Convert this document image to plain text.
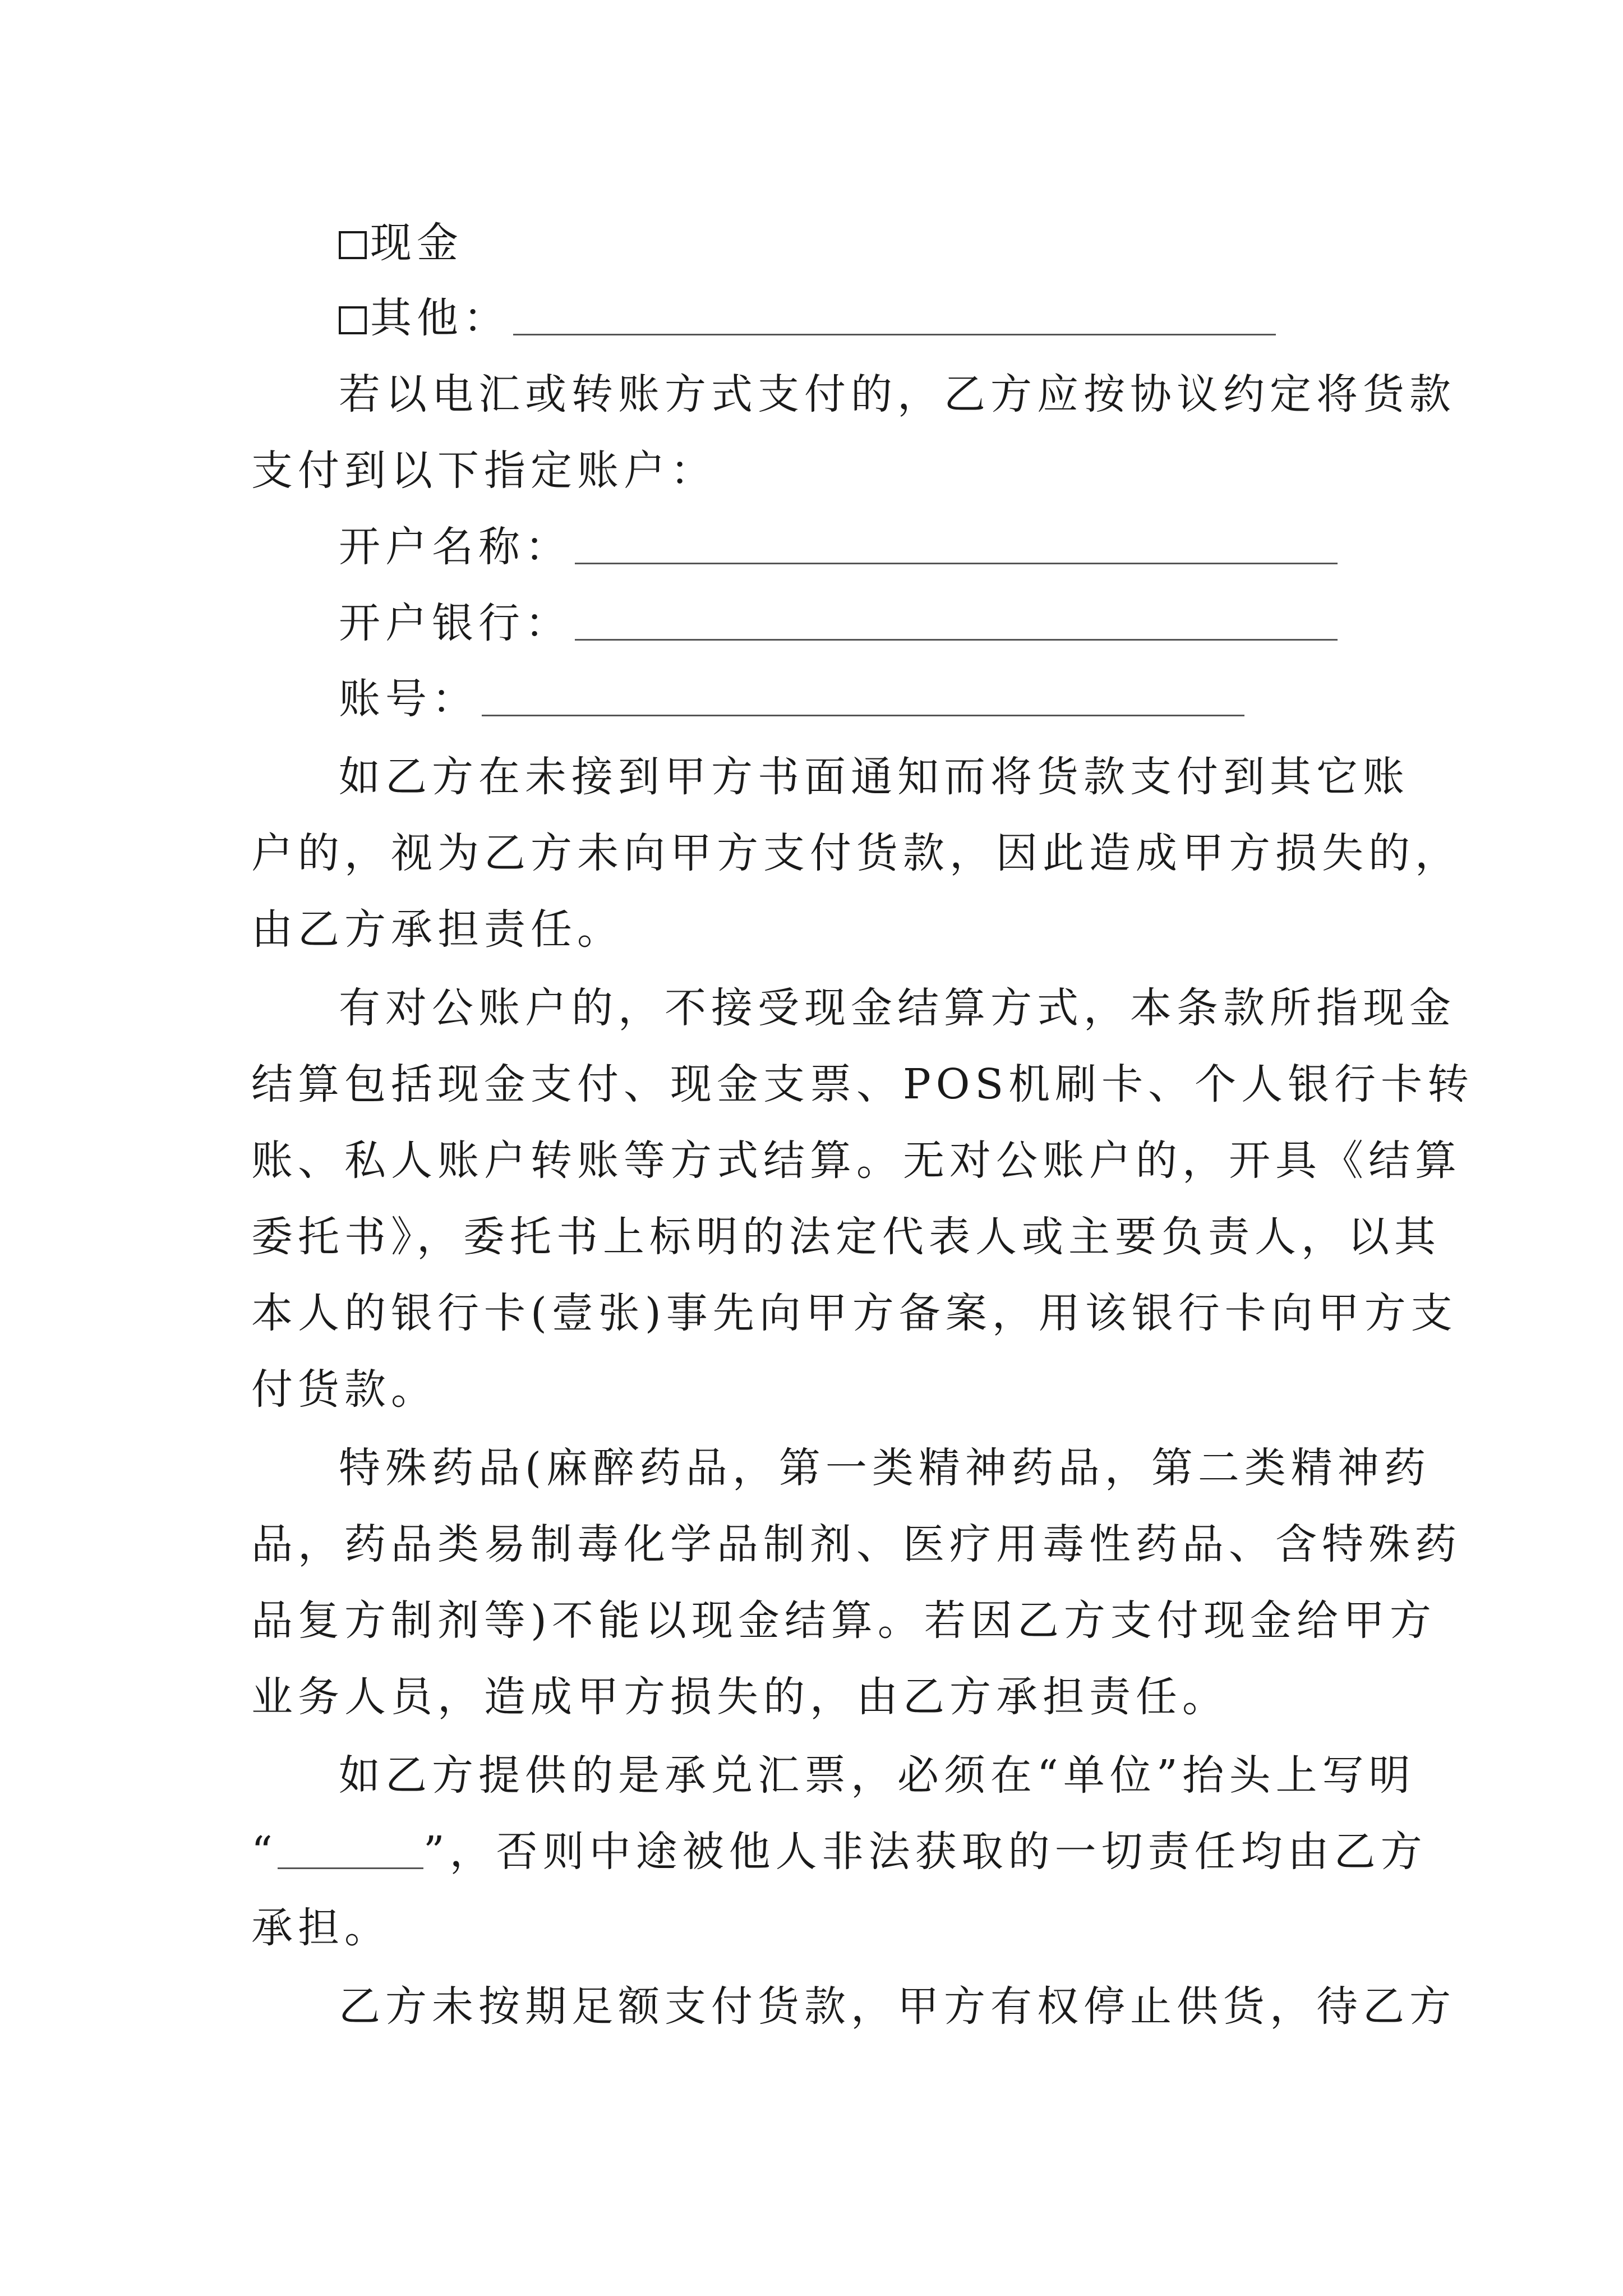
现金
其他：
若以电汇或转账方式支付的，乙方应按协议约定将货款
支付到以下指定账户：
开户名称：
开户银行：
账号：
如乙方在未接到甲方书面通知而将货款支付到其它账
户的，视为乙方未向甲方支付货款，因此造成甲方损失的，
由乙方承担责任。
有对公账户的，不接受现金结算方式，本条款所指现金
结算包括现金支付、现金支票、POS机刷卡、个人银行卡转
账、私人账户转账等方式结算。无对公账户的，开具《结算
委托书》，委托书上标明的法定代表人或主要负责人，以其
本人的银行卡(壹张)事先向甲方备案，用该银行卡向甲方支
付货款。
特殊药品(麻醉药品，第一类精神药品，第二类精神药
品，药品类易制毒化学品制剂、医疗用毒性药品、含特殊药
品复方制剂等)不能以现金结算。若因乙方支付现金给甲方
业务人员，造成甲方损失的，由乙方承担责任。
如乙方提供的是承兑汇票，必须在“单位”抬头上写明
“	”，否则中途被他人非法获取的一切责任均由乙方
承担。
乙方未按期足额支付货款，甲方有权停止供货，待乙方
